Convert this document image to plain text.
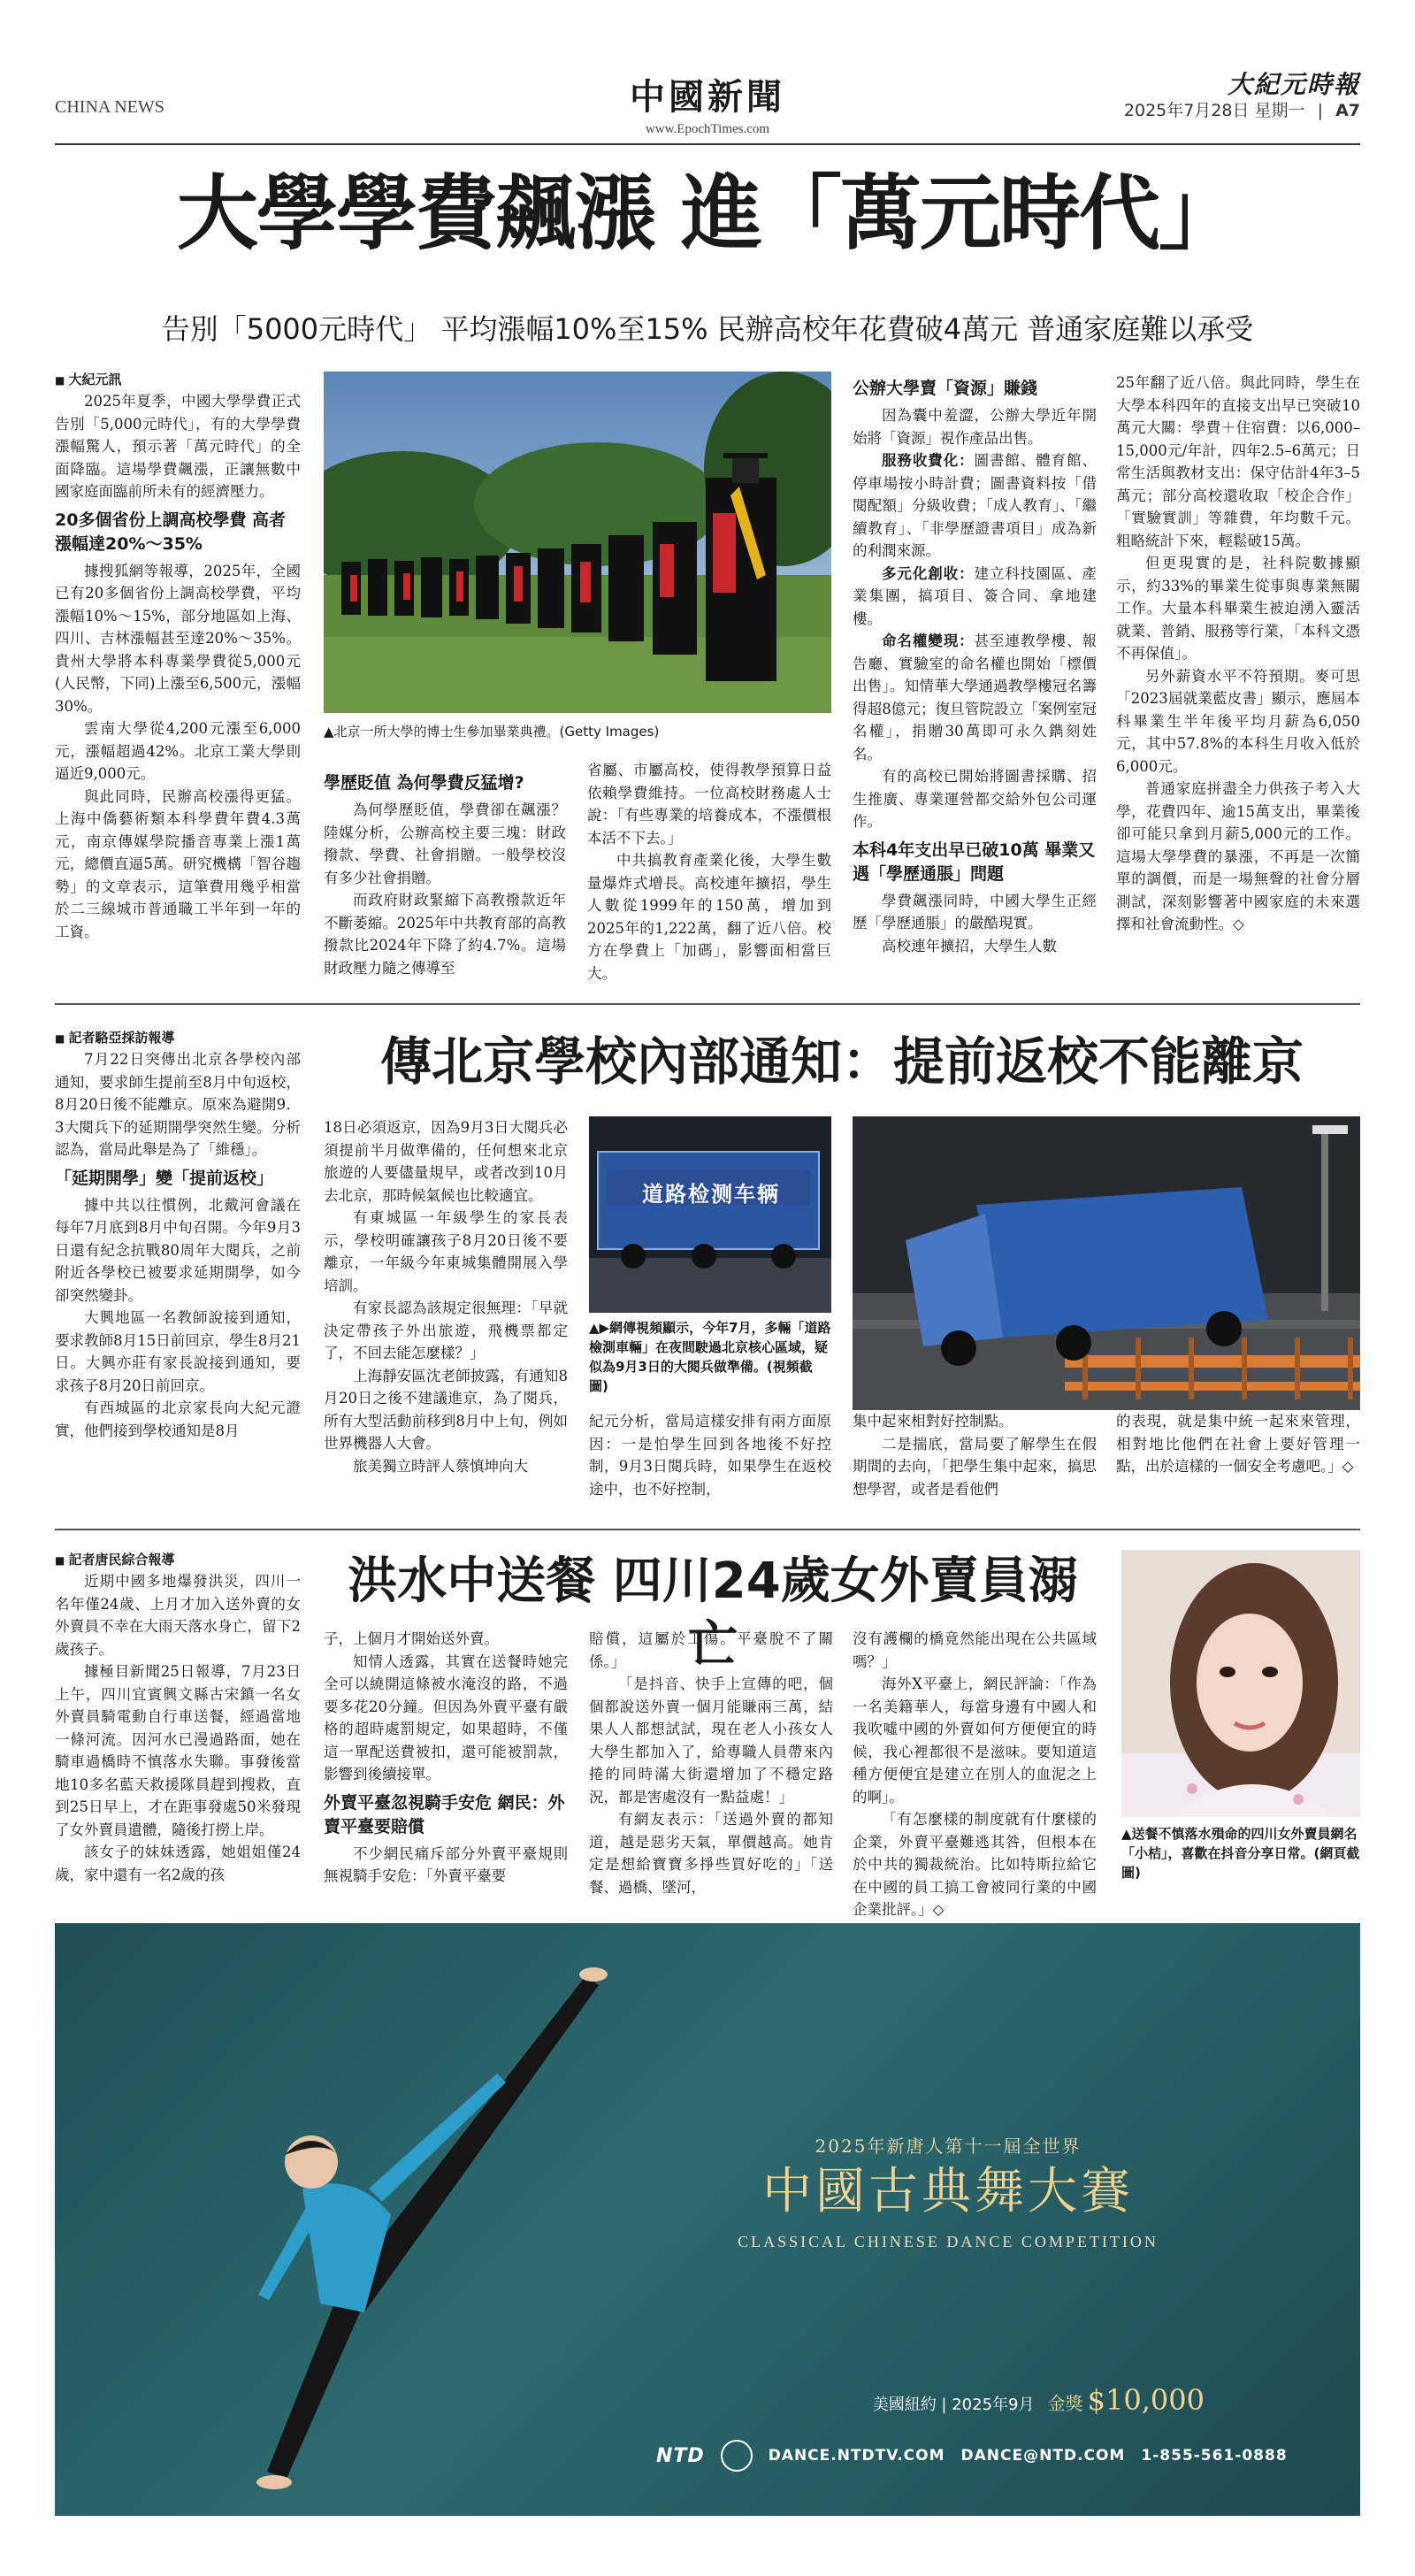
CHINA NEWS	中國新聞
www.EpochTimes.com
大紀元時報
2025年7月28日 星期一 | A7
大學學費飆漲 進「萬元時代」
告別「5000元時代」 平均漲幅10%至15% 民辦高校年花費破4萬元 普通家庭難以承受
■ 大紀元訊

2025年夏季，中國大學學費正式告別「5,000元時代」，有的大學學費漲幅驚人，預示著「萬元時代」的全面降臨。這場學費飆漲，正讓無數中國家庭面臨前所未有的經濟壓力。

20多個省份上調高校學費 高者漲幅達20%～35%

據搜狐網等報導，2025年，全國已有20多個省份上調高校學費，平均漲幅10%～15%，部分地區如上海、四川、吉林漲幅甚至達20%～35%。貴州大學將本科專業學費從5,000元(人民幣，下同)上漲至6,500元，漲幅30%。

雲南大學從4,200元漲至6,000元，漲幅超過42%。北京工業大學則逼近9,000元。

與此同時，民辦高校漲得更猛。上海中僑藝術類本科學費年費4.3萬元，南京傳媒學院播音專業上漲1萬元，總價直逼5萬。研究機構「智谷趨勢」的文章表示，這筆費用幾乎相當於二三線城市普通職工半年到一年的工資。

▲北京一所大學的博士生參加畢業典禮。(Getty Images)
學歷貶值 為何學費反猛增?

為何學歷貶值，學費卻在飆漲？陸媒分析，公辦高校主要三塊：財政撥款、學費、社會捐贈。一般學校沒有多少社會捐贈。

而政府財政緊縮下高教撥款近年不斷萎縮。2025年中共教育部的高教撥款比2024年下降了約4.7%。這場財政壓力隨之傳導至

省屬、市屬高校，使得教學預算日益依賴學費維持。一位高校財務處人士說：「有些專業的培養成本，不漲價根本活不下去。」

中共搞教育產業化後，大學生數量爆炸式增長。高校連年擴招，學生人數從1999年的150萬，增加到2025年的1,222萬，翻了近八倍。校方在學費上「加碼」，影響面相當巨大。

公辦大學賣「資源」賺錢

因為囊中羞澀，公辦大學近年開始將「資源」視作產品出售。

服務收費化：圖書館、體育館、停車場按小時計費；圖書資料按「借閱配額」分級收費；「成人教育」、「繼續教育」、「非學歷證書項目」成為新的利潤來源。

多元化創收：建立科技園區、產業集團，搞項目、簽合同、拿地建樓。

命名權變現：甚至連教學樓、報告廳、實驗室的命名權也開始「標價出售」。知情華大學通過教學樓冠名籌得超8億元；復旦管院設立「案例室冠名權」，捐贈30萬即可永久鐫刻姓名。

有的高校已開始將圖書採購、招生推廣、專業運營都交給外包公司運作。

本科4年支出早已破10萬 畢業又遇「學歷通脹」問題

學費飆漲同時，中國大學生正經歷「學歷通脹」的嚴酷現實。

高校連年擴招，大學生人數

25年翻了近八倍。與此同時，學生在大學本科四年的直接支出早已突破10萬元大關：學費＋住宿費：以6,000–15,000元/年計，四年2.5–6萬元；日常生活與教材支出：保守估計4年3–5萬元；部分高校還收取「校企合作」「實驗實訓」等雜費，年均數千元。粗略統計下來，輕鬆破15萬。

但更現實的是，社科院數據顯示，約33%的畢業生從事與專業無關工作。大量本科畢業生被迫湧入靈活就業、普銷、服務等行業，「本科文憑不再保值」。

另外薪資水平不符預期。麥可思「2023屆就業藍皮書」顯示，應屆本科畢業生半年後平均月薪為6,050元，其中57.8%的本科生月收入低於6,000元。

普通家庭拼盡全力供孩子考入大學，花費四年、逾15萬支出，畢業後卻可能只拿到月薪5,000元的工作。這場大學學費的暴漲，不再是一次簡單的調價，而是一場無聲的社會分層測試，深刻影響著中國家庭的未來選擇和社會流動性。◇

■ 記者駱亞採訪報導

7月22日突傳出北京各學校內部通知，要求師生提前至8月中旬返校，8月20日後不能離京。原來為避開9．3大閱兵下的延期開學突然生變。分析認為，當局此舉是為了「維穩」。

「延期開學」變「提前返校」

據中共以往慣例，北戴河會議在每年7月底到8月中旬召開。今年9月3日還有紀念抗戰80周年大閱兵，之前附近各學校已被要求延期開學，如今卻突然變卦。

大興地區一名教師說接到通知，要求教師8月15日前回京，學生8月21日。大興亦莊有家長說接到通知，要求孩子8月20日前回京。

有西城區的北京家長向大紀元證實，他們接到學校通知是8月

傳北京學校內部通知：提前返校不能離京

18日必須返京，因為9月3日大閱兵必須提前半月做準備的，任何想來北京旅遊的人要儘量規早，或者改到10月去北京，那時候氣候也比較適宜。

有東城區一年級學生的家長表示，學校明確讓孩子8月20日後不要離京，一年級今年東城集體開展入學培訓。

有家長認為該規定很無理：「早就決定帶孩子外出旅遊，飛機票都定了，不回去能怎麼樣？」

上海靜安區沈老師披露，有通知8月20日之後不建議進京，為了閱兵，所有大型活動前移到8月中上旬，例如世界機器人大會。

旅美獨立時評人蔡慎坤向大

道路检测车辆
▲▶網傳視頻顯示，今年7月，多輛「道路檢測車輛」在夜間駛過北京核心區域，疑似為9月3日的大閱兵做準備。(視頻截圖)

紀元分析，當局這樣安排有兩方面原因：一是怕學生回到各地後不好控制，9月3日閱兵時，如果學生在返校途中，也不好控制，

集中起來相對好控制點。

二是揣底，當局要了解學生在假期間的去向，「把學生集中起來，搞思想學習，或者是看他們

的表現，就是集中統一起來來管理，相對地比他們在社會上要好管理一點，出於這樣的一個安全考慮吧。」◇

■ 記者唐民綜合報導

近期中國多地爆發洪災，四川一名年僅24歲、上月才加入送外賣的女外賣員不幸在大雨天落水身亡，留下2歲孩子。

據極目新聞25日報導，7月23日上午，四川宜賓興文縣古宋鎮一名女外賣員騎電動自行車送餐，經過當地一條河流。因河水已漫過路面，她在騎車過橋時不慎落水失聯。事發後當地10多名藍天救援隊員趕到搜救，直到25日早上，才在距事發處50米發現了女外賣員遺體，隨後打撈上岸。

該女子的妹妹透露，她姐姐僅24歲，家中還有一名2歲的孩

洪水中送餐 四川24歲女外賣員溺亡

子，上個月才開始送外賣。

知情人透露，其實在送餐時她完全可以繞開這條被水淹沒的路，不過要多花20分鐘。但因為外賣平臺有嚴格的超時處罰規定，如果超時，不僅這一單配送費被扣，還可能被罰款，影響到後續接單。

外賣平臺忽視騎手安危 網民：外賣平臺要賠償

不少網民痛斥部分外賣平臺規則無視騎手安危：「外賣平臺要

賠償，這屬於工傷。平臺脫不了關係。」

「是抖音、快手上宣傳的吧，個個都說送外賣一個月能賺兩三萬，結果人人都想試試，現在老人小孩女人大學生都加入了，給專職人員帶來內捲的同時滿大街還增加了不穩定路況，都是害處沒有一點益處！」

有網友表示：「送過外賣的都知道，越是惡劣天氣，單價越高。她肯定是想給寶寶多掙些買好吃的」「送餐、過橋、墜河，

沒有護欄的橋竟然能出現在公共區域嗎？」

海外X平臺上，網民評論：「作為一名美籍華人，每當身邊有中國人和我吹噓中國的外賣如何方便便宜的時候，我心裡都很不是滋味。要知道這種方便便宜是建立在別人的血泥之上的啊」。

「有怎麼樣的制度就有什麼樣的企業，外賣平臺難逃其咎，但根本在於中共的獨裁統治。比如特斯拉給它在中國的員工搞工會被同行業的中國企業批評。」◇

▲送餐不慎落水殞命的四川女外賣員網名「小桔」，喜歡在抖音分享日常。(網頁截圖)
2025年新唐人第十一屆全世界
中國古典舞大賽
CLASSICAL CHINESE DANCE COMPETITION
美國紐約 | 2025年9月 金獎 $10,000
NTD	DANCE.NTDTV.COM DANCE@NTD.COM 1-855-561-0888
